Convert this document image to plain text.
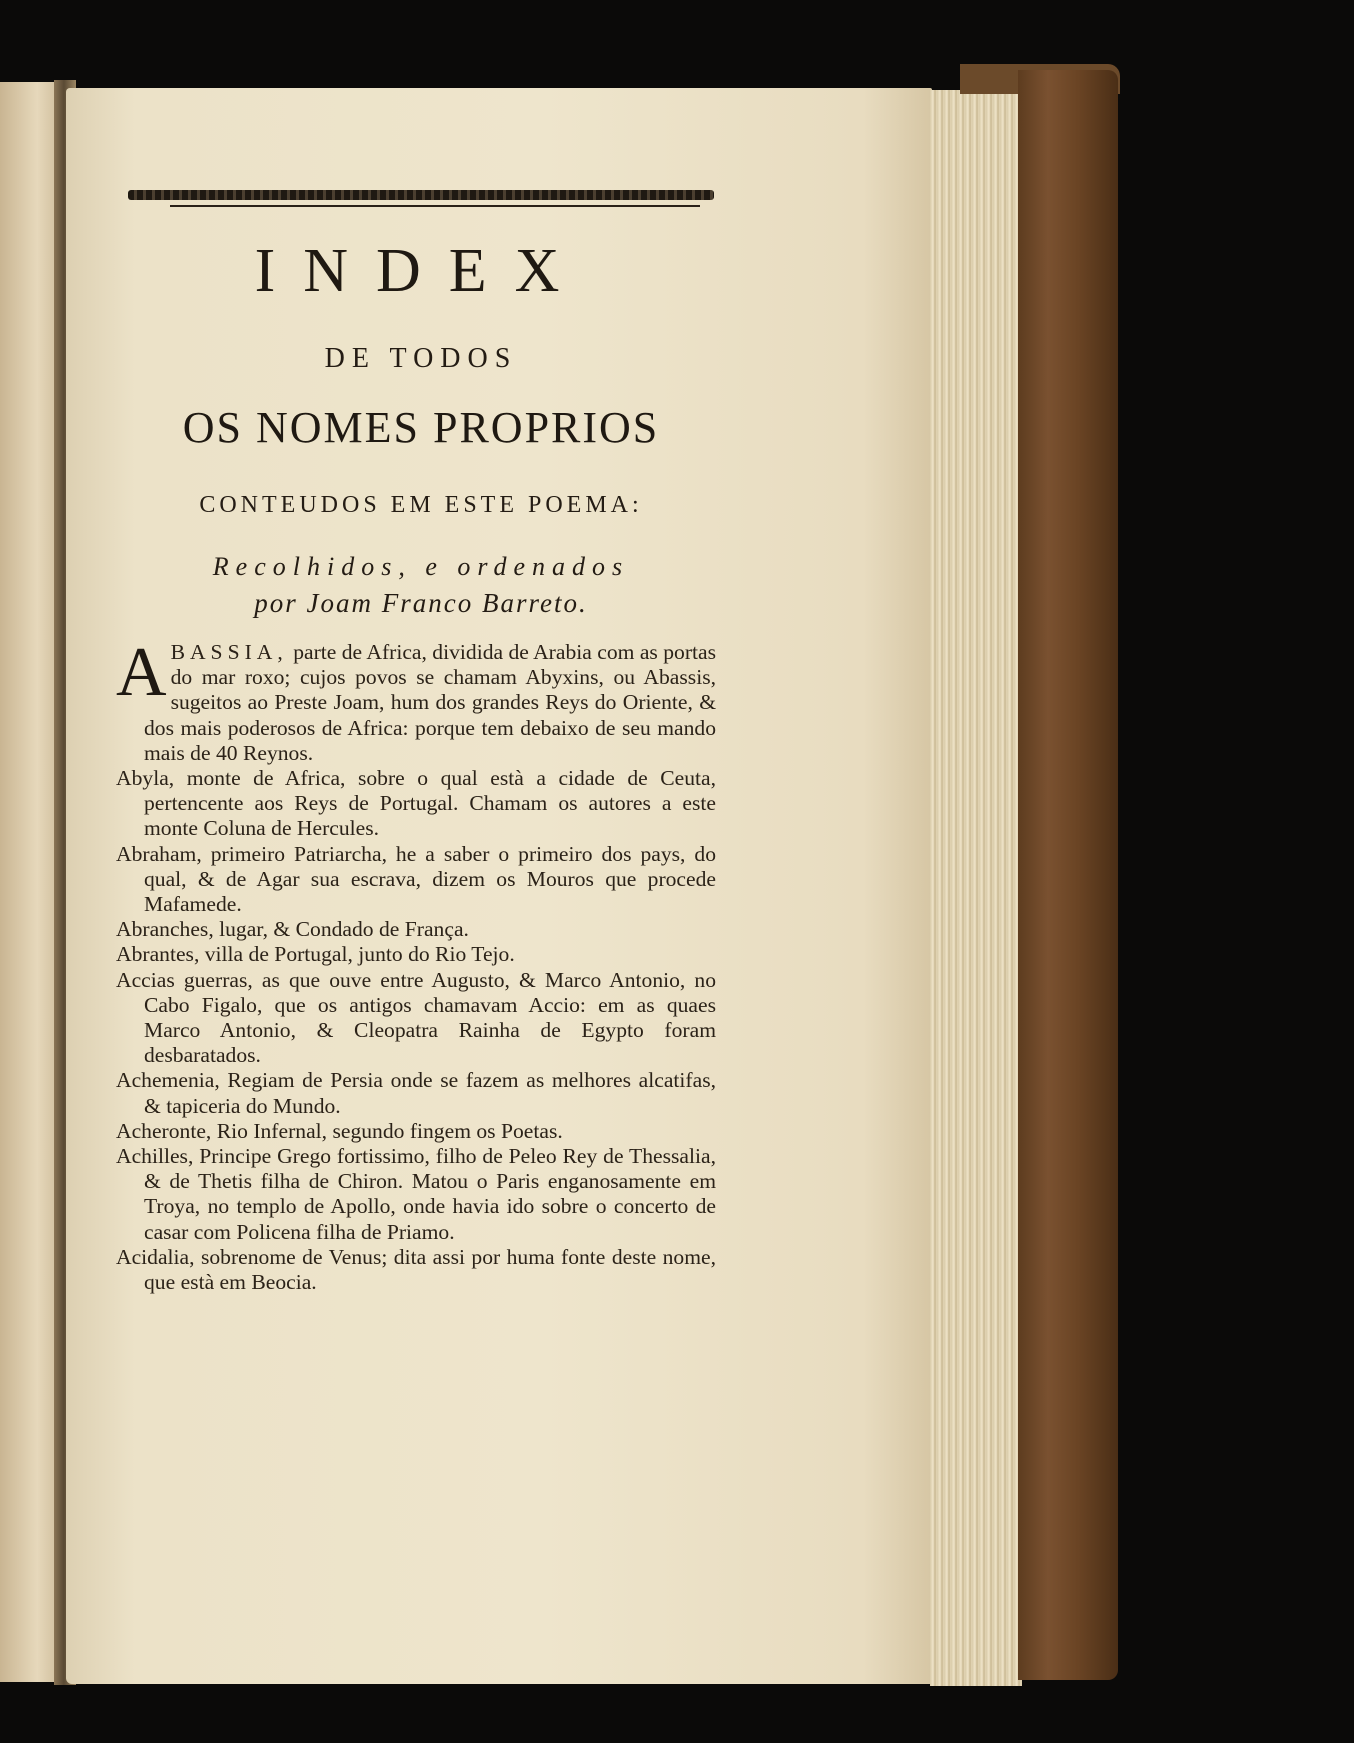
INDEX
DE TODOS
OS NOMES PROPRIOS
CONTEUDOS EM ESTE POEMA:
Recolhidos, e ordenados
por Joam Franco Barreto.

A BASSIA, parte de Africa, dividida de Arabia com as portas do mar roxo; cujos povos se chamam Abyxins, ou Abassis, sugeitos ao Preste Joam, hum dos grandes Reys do Oriente, & dos mais poderosos de Africa: porque tem debaixo de seu mando mais de 40 Reynos.

Abyla, monte de Africa, sobre o qual està a cidade de Ceuta, pertencente aos Reys de Portugal. Chamam os autores a este monte Coluna de Hercules.

Abraham, primeiro Patriarcha, he a saber o primeiro dos pays, do qual, & de Agar sua escrava, dizem os Mouros que procede Mafamede.

Abranches, lugar, & Condado de França.

Abrantes, villa de Portugal, junto do Rio Tejo.

Accias guerras, as que ouve entre Augusto, & Marco Antonio, no Cabo Figalo, que os antigos chamavam Accio: em as quaes Marco Antonio, & Cleopatra Rainha de Egypto foram desbaratados.

Achemenia, Regiam de Persia onde se fazem as melhores alcatifas, & tapiceria do Mundo.

Acheronte, Rio Infernal, segundo fingem os Poetas.

Achilles, Principe Grego fortissimo, filho de Peleo Rey de Thessalia, & de Thetis filha de Chiron. Matou o Paris enganosamente em Troya, no templo de Apollo, onde havia ido sobre o concerto de casar com Policena filha de Priamo.

Acidalia, sobrenome de Venus; dita assi por huma fonte deste nome, que està em Beocia.
